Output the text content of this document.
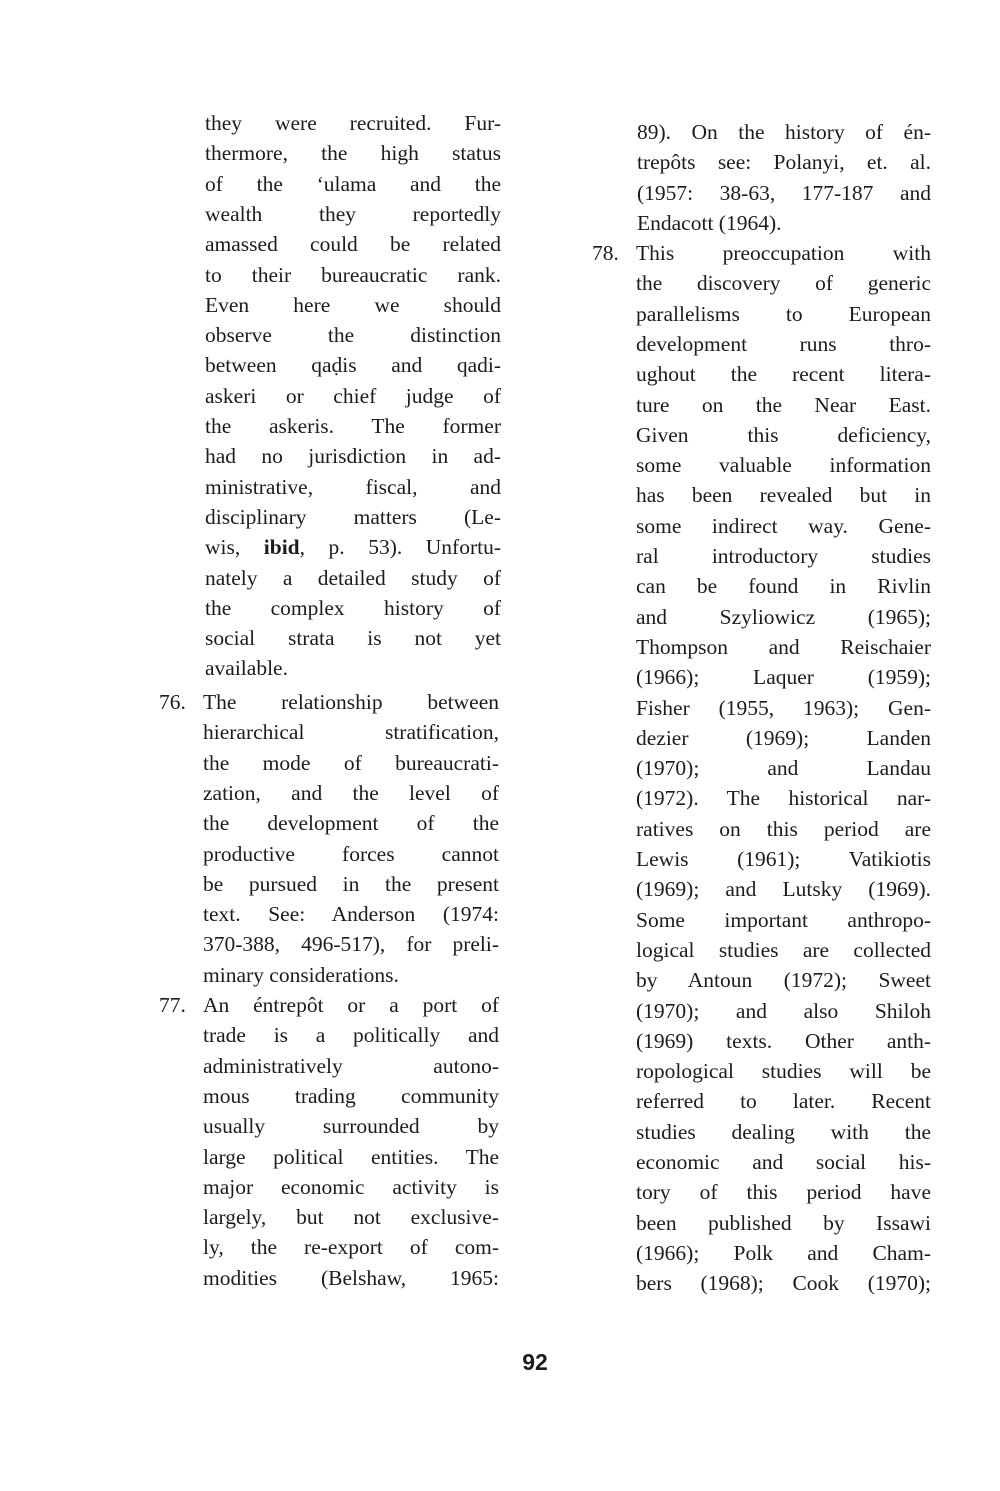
they were recruited. Fur-
thermore, the high status
of the ‘ulama and the
wealth they reportedly
amassed could be related
to their bureaucratic rank.
Even here we should
observe the distinction
between qaḍis and qadi-
askeri or chief judge of
the askeris. The former
had no jurisdiction in ad-
ministrative, fiscal, and
disciplinary matters (Le-
wis, ibid, p. 53). Unfortu-
nately a detailed study of
the complex history of
social strata is not yet
available.
76. The relationship between
hierarchical stratification,
the mode of bureaucrati-
zation, and the level of
the development of the
productive forces cannot
be pursued in the present
text. See: Anderson (1974:
370-388, 496-517), for preli-
minary considerations.
77. An éntrepôt or a port of
trade is a politically and
administratively autono-
mous trading community
usually surrounded by
large political entities. The
major economic activity is
largely, but not exclusive-
ly, the re-export of com-
modities (Belshaw, 1965:
89). On the history of én-
trepôts see: Polanyi, et. al.
(1957: 38-63, 177-187 and
Endacott (1964).
78. This preoccupation with
the discovery of generic
parallelisms to European
development runs thro-
ughout the recent litera-
ture on the Near East.
Given this deficiency,
some valuable information
has been revealed but in
some indirect way. Gene-
ral introductory studies
can be found in Rivlin
and Szyliowicz (1965);
Thompson and Reischaier
(1966); Laquer (1959);
Fisher (1955, 1963); Gen-
dezier (1969); Landen
(1970); and Landau
(1972). The historical nar-
ratives on this period are
Lewis (1961); Vatikiotis
(1969); and Lutsky (1969).
Some important anthropo-
logical studies are collected
by Antoun (1972); Sweet
(1970); and also Shiloh
(1969) texts. Other anth-
ropological studies will be
referred to later. Recent
studies dealing with the
economic and social his-
tory of this period have
been published by Issawi
(1966); Polk and Cham-
bers (1968); Cook (1970);
92
